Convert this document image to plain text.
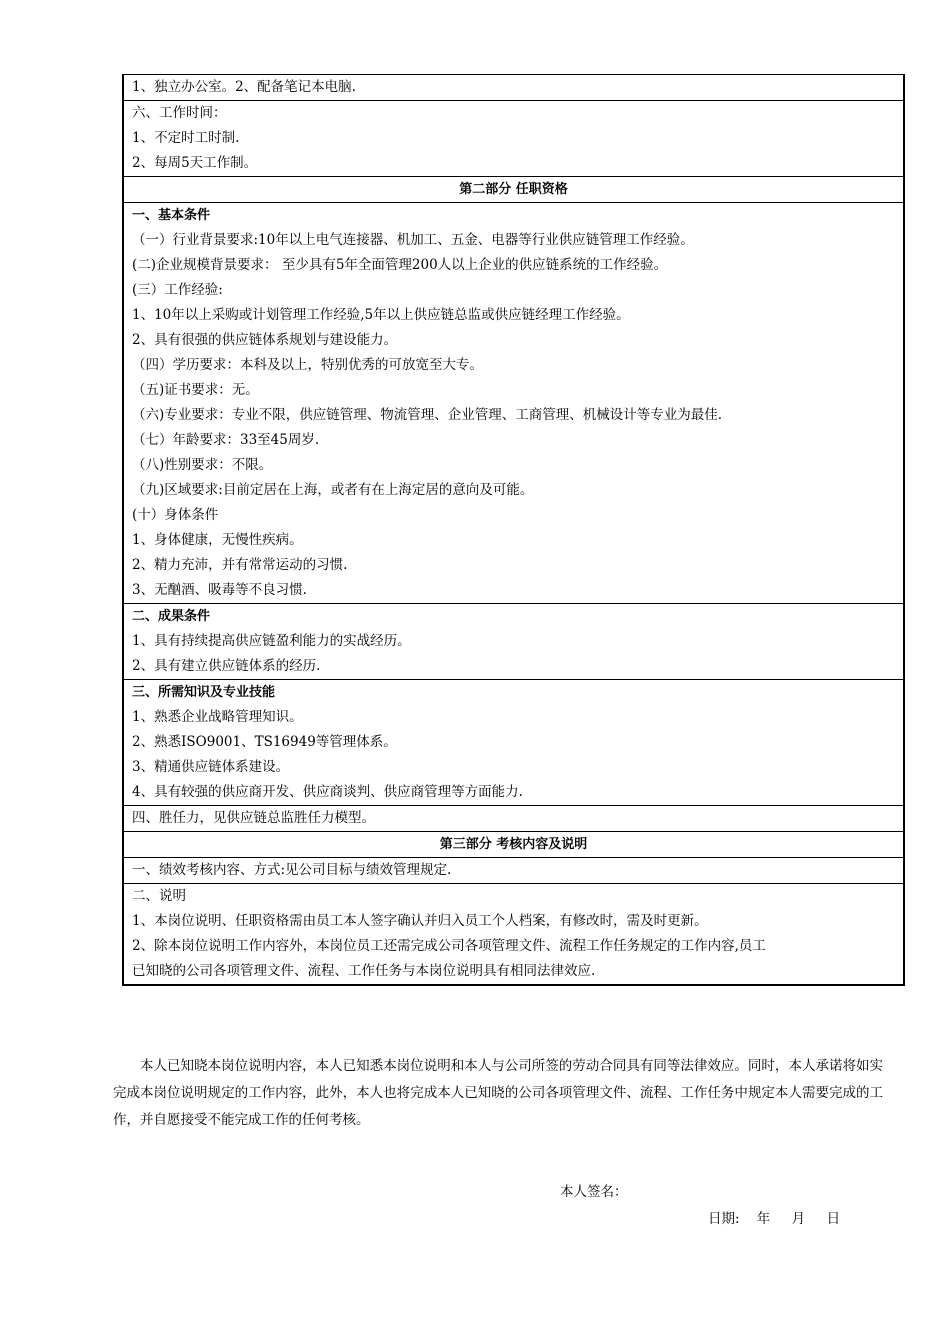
1、独立办公室。2、配备笔记本电脑.
六、工作时间：
1、不定时工时制.
2、每周5天工作制。
第二部分 任职资格
一、基本条件
（一）行业背景要求:10年以上电气连接器、机加工、五金、电器等行业供应链管理工作经验。
(二)企业规模背景要求： 至少具有5年全面管理200人以上企业的供应链系统的工作经验。
(三）工作经验:
1、10年以上采购或计划管理工作经验,5年以上供应链总监或供应链经理工作经验。
2、具有很强的供应链体系规划与建设能力。
（四）学历要求：本科及以上，特别优秀的可放宽至大专。
（五)证书要求：无。
（六)专业要求：专业不限，供应链管理、物流管理、企业管理、工商管理、机械设计等专业为最佳.
（七）年龄要求：33至45周岁.
（八)性别要求：不限。
（九)区域要求:目前定居在上海，或者有在上海定居的意向及可能。
(十）身体条件
1、身体健康，无慢性疾病。
2、精力充沛，并有常常运动的习惯.
3、无酗酒、吸毒等不良习惯.
二、成果条件
1、具有持续提高供应链盈利能力的实战经历。
2、具有建立供应链体系的经历.
三、所需知识及专业技能
1、熟悉企业战略管理知识。
2、熟悉ISO9001、TS16949等管理体系。
3、精通供应链体系建设。
4、具有较强的供应商开发、供应商谈判、供应商管理等方面能力.
四、胜任力，见供应链总监胜任力模型。
第三部分 考核内容及说明
一、绩效考核内容、方式:见公司目标与绩效管理规定.
二、说明
1、本岗位说明、任职资格需由员工本人签字确认并归入员工个人档案，有修改时，需及时更新。
2、除本岗位说明工作内容外，本岗位员工还需完成公司各项管理文件、流程工作任务规定的工作内容,员工
已知晓的公司各项管理文件、流程、工作任务与本岗位说明具有相同法律效应.
本人已知晓本岗位说明内容，本人已知悉本岗位说明和本人与公司所签的劳动合同具有同等法律效应。同时，本人承诺将如实完成本岗位说明规定的工作内容，此外，本人也将完成本人已知晓的公司各项管理文件、流程、工作任务中规定本人需要完成的工作，并自愿接受不能完成工作的任何考核。
本人签名：
日期:    年     月     日
